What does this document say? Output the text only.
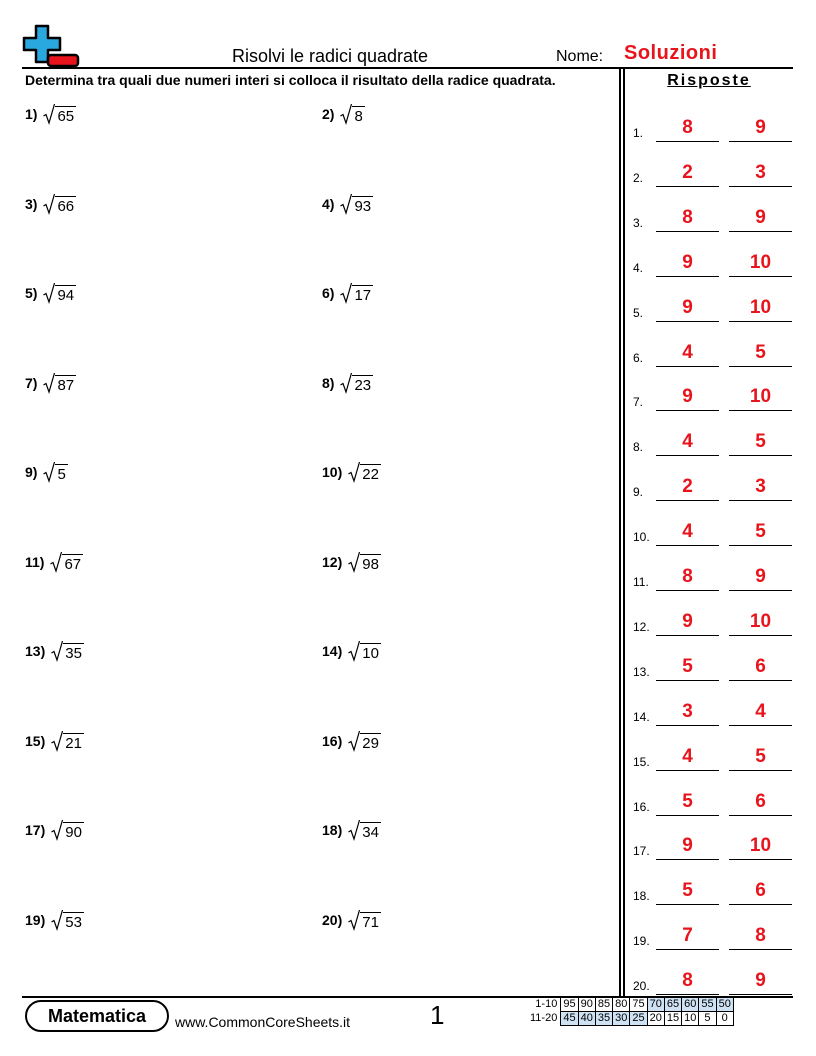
Risolvi le radici quadrate	Nome: Soluzioni
Determina tra quali due numeri interi si colloca il risultato della radice quadrata.	Risposte
1) 65	2) 8
3) 66	4) 93
5) 94	6) 17
7) 87	8) 23
9) 5	10) 22
11) 67	12) 98
13) 35	14) 10
15) 21	16) 29
17) 90	18) 34
19) 53	20) 71
1.	8	9
2.	2	3
3.	8	9
4.	9	10
5.	9	10
6.	4	5
7.	9	10
8.	4	5
9.	2	3
10.	4	5
11.	8	9
12.	9	10
13.	5	6
14.	3	4
15.	4	5
16.	5	6
17.	9	10
18.	5	6
19.	7	8
20.	8	9
Matematica	www.CommonCoreSheets.it	1	1-10	95	90	85	80	75	70	65	60	55	50
11-20	45	40	35	30	25	20	15	10	5	0
